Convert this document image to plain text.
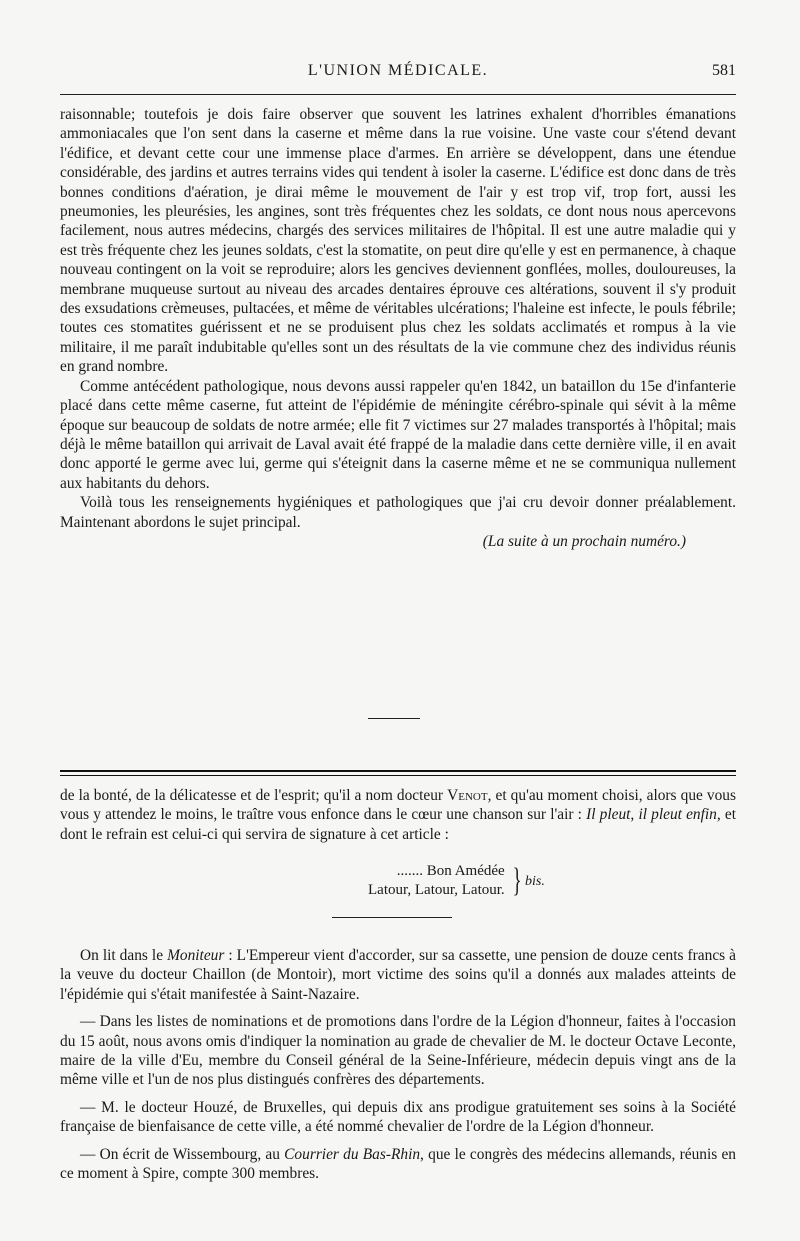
L'UNION MÉDICALE.	581

raisonnable; toutefois je dois faire observer que souvent les latrines exhalent d'horribles émanations ammoniacales que l'on sent dans la caserne et même dans la rue voisine. Une vaste cour s'étend devant l'édifice, et devant cette cour une immense place d'armes. En arrière se développent, dans une étendue considérable, des jardins et autres terrains vides qui tendent à isoler la caserne. L'édifice est donc dans de très bonnes conditions d'aération, je dirai même le mouvement de l'air y est trop vif, trop fort, aussi les pneumonies, les pleurésies, les angines, sont très fréquentes chez les soldats, ce dont nous nous apercevons facilement, nous autres médecins, chargés des services militaires de l'hôpital. Il est une autre maladie qui y est très fréquente chez les jeunes soldats, c'est la stomatite, on peut dire qu'elle y est en permanence, à chaque nouveau contingent on la voit se reproduire; alors les gencives deviennent gonflées, molles, douloureuses, la membrane muqueuse surtout au niveau des arcades dentaires éprouve ces altérations, souvent il s'y produit des exsudations crèmeuses, pultacées, et même de véritables ulcérations; l'haleine est infecte, le pouls fébrile; toutes ces stomatites guérissent et ne se produisent plus chez les soldats acclimatés et rompus à la vie militaire, il me paraît indubitable qu'elles sont un des résultats de la vie commune chez des individus réunis en grand nombre.

Comme antécédent pathologique, nous devons aussi rappeler qu'en 1842, un bataillon du 15e d'infanterie placé dans cette même caserne, fut atteint de l'épidémie de méningite cérébro-spinale qui sévit à la même époque sur beaucoup de soldats de notre armée; elle fit 7 victimes sur 27 malades transportés à l'hôpital; mais déjà le même bataillon qui arrivait de Laval avait été frappé de la maladie dans cette dernière ville, il en avait donc apporté le germe avec lui, germe qui s'éteignit dans la caserne même et ne se communiqua nullement aux habitants du dehors.

Voilà tous les renseignements hygiéniques et pathologiques que j'ai cru devoir donner préalablement. Maintenant abordons le sujet principal.

(La suite à un prochain numéro.)

de la bonté, de la délicatesse et de l'esprit; qu'il a nom docteur Venot, et qu'au moment choisi, alors que vous vous y attendez le moins, le traître vous enfonce dans le cœur une chanson sur l'air : Il pleut, il pleut enfin, et dont le refrain est celui-ci qui servira de signature à cet article :

....... Bon Amédée
Latour, Latour, Latour. } bis.

On lit dans le Moniteur : L'Empereur vient d'accorder, sur sa cassette, une pension de douze cents francs à la veuve du docteur Chaillon (de Montoir), mort victime des soins qu'il a donnés aux malades atteints de l'épidémie qui s'était manifestée à Saint-Nazaire.

— Dans les listes de nominations et de promotions dans l'ordre de la Légion d'honneur, faites à l'occasion du 15 août, nous avons omis d'indiquer la nomination au grade de chevalier de M. le docteur Octave Leconte, maire de la ville d'Eu, membre du Conseil général de la Seine-Inférieure, médecin depuis vingt ans de la même ville et l'un de nos plus distingués confrères des départements.

— M. le docteur Houzé, de Bruxelles, qui depuis dix ans prodigue gratuitement ses soins à la Société française de bienfaisance de cette ville, a été nommé chevalier de l'ordre de la Légion d'honneur.

— On écrit de Wissembourg, au Courrier du Bas-Rhin, que le congrès des médecins allemands, réunis en ce moment à Spire, compte 300 membres.
